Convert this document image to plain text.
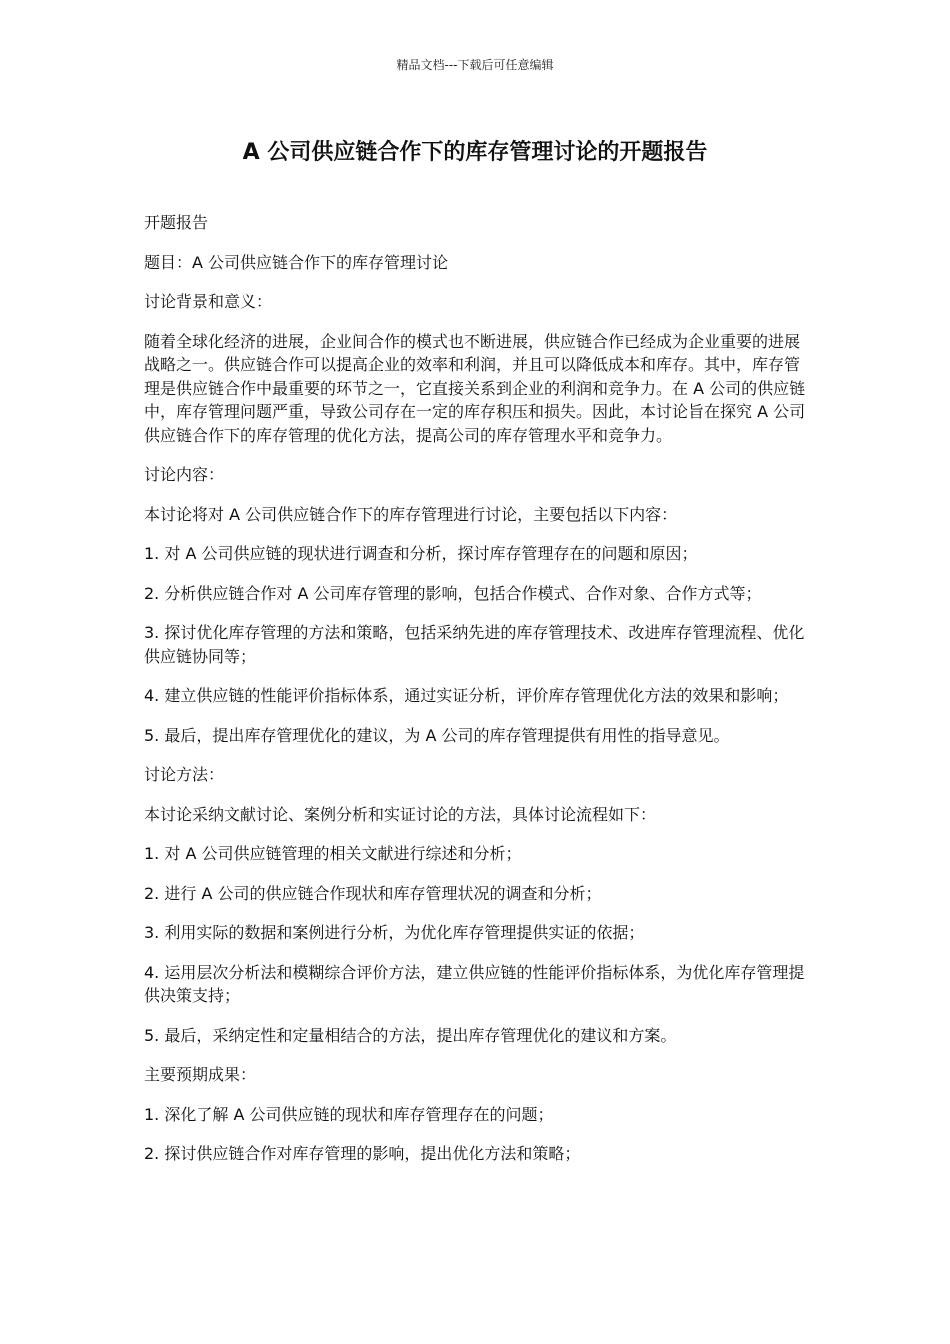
精品文档---下载后可任意编辑
A 公司供应链合作下的库存管理讨论的开题报告

开题报告

题目：A 公司供应链合作下的库存管理讨论

讨论背景和意义：

随着全球化经济的进展，企业间合作的模式也不断进展，供应链合作已经成为企业重要的进展战略之一。供应链合作可以提高企业的效率和利润，并且可以降低成本和库存。其中，库存管理是供应链合作中最重要的环节之一，它直接关系到企业的利润和竞争力。在 A 公司的供应链中，库存管理问题严重，导致公司存在一定的库存积压和损失。因此，本讨论旨在探究 A 公司供应链合作下的库存管理的优化方法，提高公司的库存管理水平和竞争力。

讨论内容：

本讨论将对 A 公司供应链合作下的库存管理进行讨论，主要包括以下内容：

1. 对 A 公司供应链的现状进行调查和分析，探讨库存管理存在的问题和原因；

2. 分析供应链合作对 A 公司库存管理的影响，包括合作模式、合作对象、合作方式等；

3. 探讨优化库存管理的方法和策略，包括采纳先进的库存管理技术、改进库存管理流程、优化供应链协同等；

4. 建立供应链的性能评价指标体系，通过实证分析，评价库存管理优化方法的效果和影响；

5. 最后，提出库存管理优化的建议，为 A 公司的库存管理提供有用性的指导意见。

讨论方法：

本讨论采纳文献讨论、案例分析和实证讨论的方法，具体讨论流程如下：

1. 对 A 公司供应链管理的相关文献进行综述和分析；

2. 进行 A 公司的供应链合作现状和库存管理状况的调查和分析；

3. 利用实际的数据和案例进行分析，为优化库存管理提供实证的依据；

4. 运用层次分析法和模糊综合评价方法，建立供应链的性能评价指标体系，为优化库存管理提供决策支持；

5. 最后，采纳定性和定量相结合的方法，提出库存管理优化的建议和方案。

主要预期成果：

1. 深化了解 A 公司供应链的现状和库存管理存在的问题；

2. 探讨供应链合作对库存管理的影响，提出优化方法和策略；
